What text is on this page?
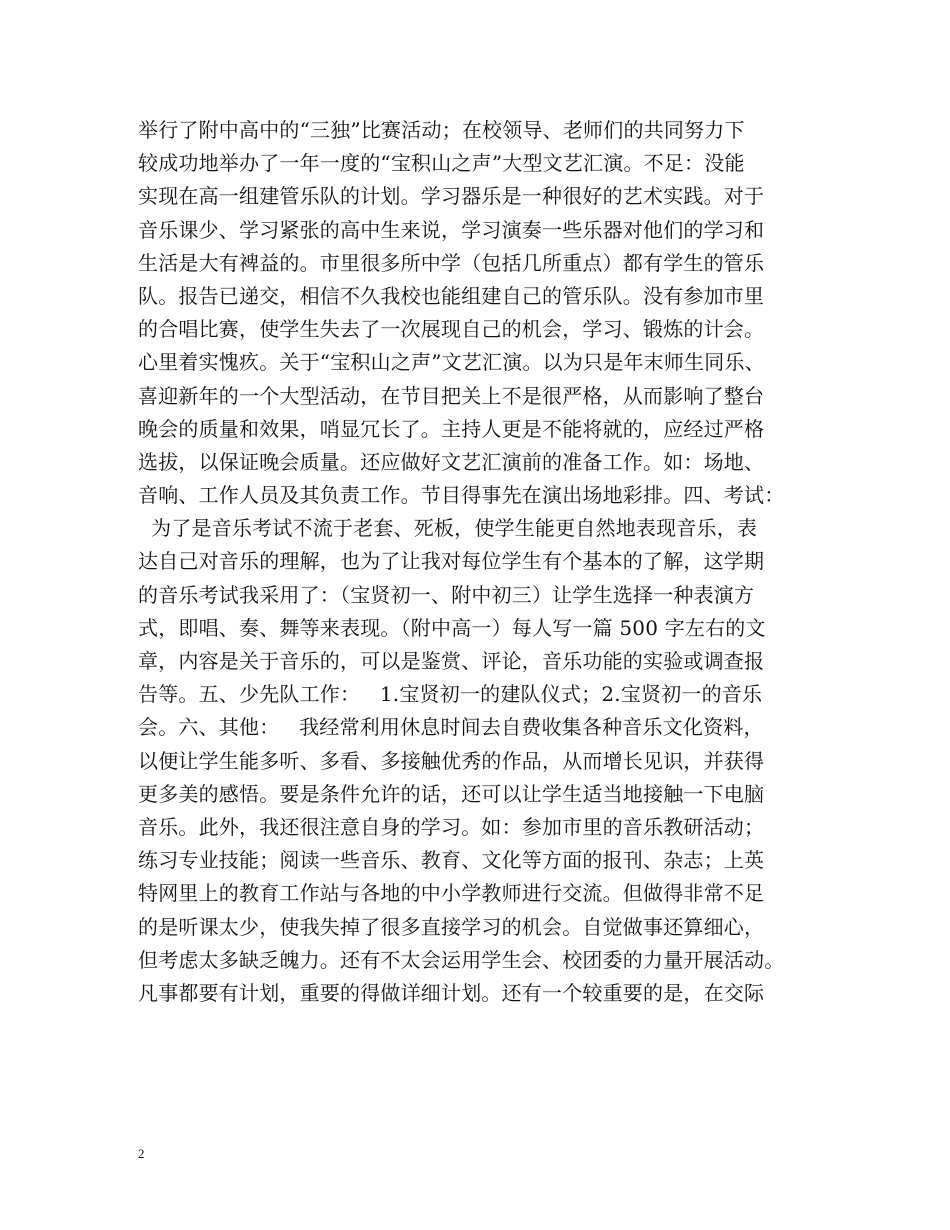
举行了附中高中的“三独”比赛活动；在校领导、老师们的共同努力下
较成功地举办了一年一度的“宝积山之声”大型文艺汇演。不足：没能
实现在高一组建管乐队的计划。学习器乐是一种很好的艺术实践。对于
音乐课少、学习紧张的高中生来说，学习演奏一些乐器对他们的学习和
生活是大有裨益的。市里很多所中学（包括几所重点）都有学生的管乐
队。报告已递交，相信不久我校也能组建自己的管乐队。没有参加市里
的合唱比赛，使学生失去了一次展现自己的机会，学习、锻炼的计会。
心里着实愧疚。关于“宝积山之声”文艺汇演。以为只是年末师生同乐、
喜迎新年的一个大型活动，在节目把关上不是很严格，从而影响了整台
晚会的质量和效果，哨显冗长了。主持人更是不能将就的，应经过严格
选拔，以保证晚会质量。还应做好文艺汇演前的准备工作。如：场地、
音响、工作人员及其负责工作。节目得事先在演出场地彩排。四、考试：
为了是音乐考试不流于老套、死板，使学生能更自然地表现音乐，表
达自己对音乐的理解，也为了让我对每位学生有个基本的了解，这学期
的音乐考试我采用了：（宝贤初一、附中初三）让学生选择一种表演方
式，即唱、奏、舞等来表现。（附中高一）每人写一篇 500 字左右的文
章，内容是关于音乐的，可以是鉴赏、评论，音乐功能的实验或调查报
告等。五、少先队工作：   1.宝贤初一的建队仪式；2.宝贤初一的音乐
会。六、其他：   我经常利用休息时间去自费收集各种音乐文化资料，
以便让学生能多听、多看、多接触优秀的作品，从而增长见识，并获得
更多美的感悟。要是条件允许的话，还可以让学生适当地接触一下电脑
音乐。此外，我还很注意自身的学习。如：参加市里的音乐教研活动；
练习专业技能；阅读一些音乐、教育、文化等方面的报刊、杂志；上英
特网里上的教育工作站与各地的中小学教师进行交流。但做得非常不足
的是听课太少，使我失掉了很多直接学习的机会。自觉做事还算细心，
但考虑太多缺乏魄力。还有不太会运用学生会、校团委的力量开展活动。
凡事都要有计划，重要的得做详细计划。还有一个较重要的是，在交际
2
